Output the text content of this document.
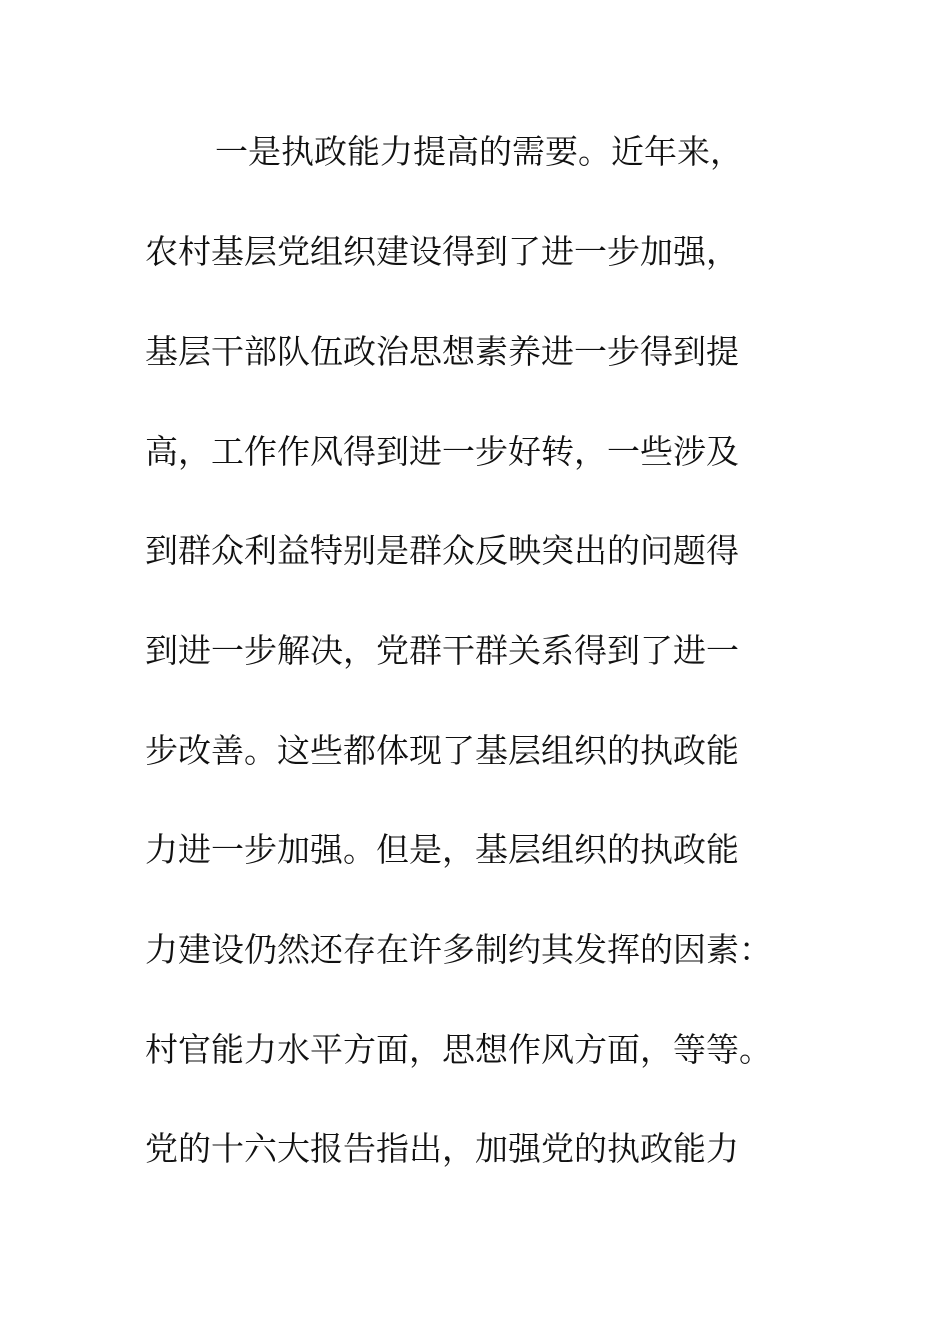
一是执政能力提高的需要。近年来，
农村基层党组织建设得到了进一步加强，
基层干部队伍政治思想素养进一步得到提
高，工作作风得到进一步好转，一些涉及
到群众利益特别是群众反映突出的问题得
到进一步解决，党群干群关系得到了进一
步改善。这些都体现了基层组织的执政能
力进一步加强。但是，基层组织的执政能
力建设仍然还存在许多制约其发挥的因素：
村官能力水平方面，思想作风方面，等等。
党的十六大报告指出，加强党的执政能力
